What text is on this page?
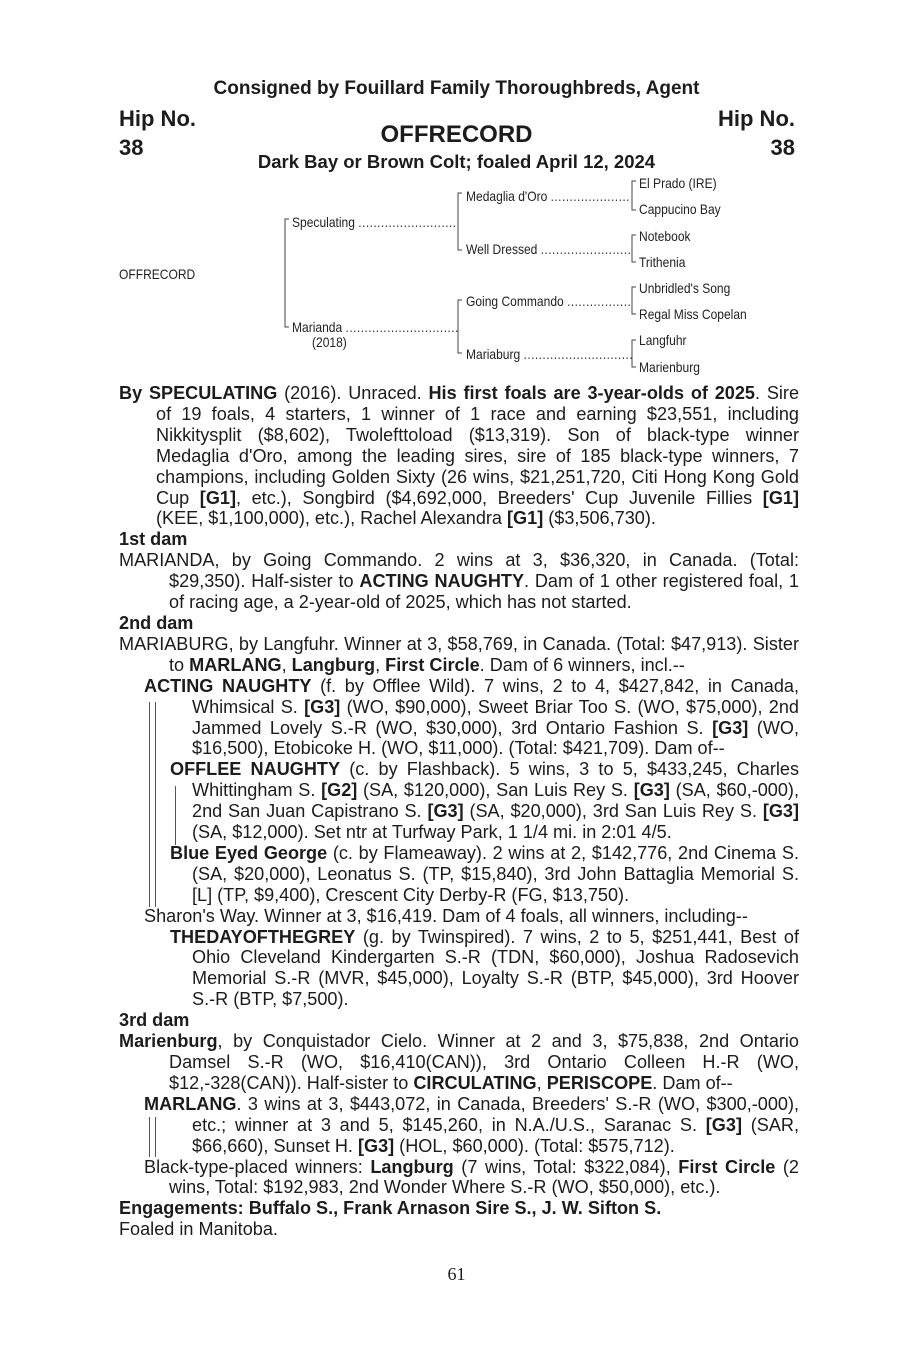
Consigned by Fouillard Family Thoroughbreds, Agent
Hip No.
38
Hip No.
38
OFFRECORD
Dark Bay or Brown Colt; foaled April 12, 2024
OFFRECORD
Speculating ..........................
Marianda ..............................
(2018)
Medaglia d'Oro .....................
Well Dressed ........................
Going Commando .................
Mariaburg .............................
El Prado (IRE)
Cappucino Bay
Notebook
Trithenia
Unbridled's Song
Regal Miss Copelan
Langfuhr
Marienburg

By SPECULATING (2016). Unraced. His first foals are 3-year-olds of 2025. Sire of 19 foals, 4 starters, 1 winner of 1 race and earning $23,551, including Nikkitysplit ($8,602), Twolefttoload ($13,319). Son of black-type winner Medaglia d'Oro, among the leading sires, sire of 185 black-type winners, 7 champions, including Golden Sixty (26 wins, $21,251,720, Citi Hong Kong Gold Cup [G1], etc.), Songbird ($4,692,000, Breeders' Cup Juvenile Fillies [G1] (KEE, $1,100,000), etc.), Rachel Alexandra [G1] ($3,506,730).

1st dam

MARIANDA, by Going Commando. 2 wins at 3, $36,320, in Canada. (Total: $29,350). Half-sister to ACTING NAUGHTY. Dam of 1 other registered foal, 1 of racing age, a 2-year-old of 2025, which has not started.

2nd dam

MARIABURG, by Langfuhr. Winner at 3, $58,769, in Canada. (Total: $47,913). Sister to MARLANG, Langburg, First Circle. Dam of 6 winners, incl.--

ACTING NAUGHTY (f. by Offlee Wild). 7 wins, 2 to 4, $427,842, in Canada, Whimsical S. [G3] (WO, $90,000), Sweet Briar Too S. (WO, $75,000), 2nd Jammed Lovely S.-R (WO, $30,000), 3rd Ontario Fashion S. [G3] (WO, $16,500), Etobicoke H. (WO, $11,000). (Total: $421,709). Dam of--

OFFLEE NAUGHTY (c. by Flashback). 5 wins, 3 to 5, $433,245, Charles Whittingham S. [G2] (SA, $120,000), San Luis Rey S. [G3] (SA, $60,-000), 2nd San Juan Capistrano S. [G3] (SA, $20,000), 3rd San Luis Rey S. [G3] (SA, $12,000). Set ntr at Turfway Park, 1 1/4 mi. in 2:01 4/5.

Blue Eyed George (c. by Flameaway). 2 wins at 2, $142,776, 2nd Cinema S. (SA, $20,000), Leonatus S. (TP, $15,840), 3rd John Battaglia Memorial S. [L] (TP, $9,400), Crescent City Derby-R (FG, $13,750).

Sharon's Way. Winner at 3, $16,419. Dam of 4 foals, all winners, including--

THEDAYOFTHEGREY (g. by Twinspired). 7 wins, 2 to 5, $251,441, Best of Ohio Cleveland Kindergarten S.-R (TDN, $60,000), Joshua Radosevich Memorial S.-R (MVR, $45,000), Loyalty S.-R (BTP, $45,000), 3rd Hoover S.-R (BTP, $7,500).

3rd dam

Marienburg, by Conquistador Cielo. Winner at 2 and 3, $75,838, 2nd Ontario Damsel S.-R (WO, $16,410(CAN)), 3rd Ontario Colleen H.-R (WO, $12,-328(CAN)). Half-sister to CIRCULATING, PERISCOPE. Dam of--

MARLANG. 3 wins at 3, $443,072, in Canada, Breeders' S.-R (WO, $300,-000), etc.; winner at 3 and 5, $145,260, in N.A./U.S., Saranac S. [G3] (SAR, $66,660), Sunset H. [G3] (HOL, $60,000). (Total: $575,712).

Black-type-placed winners: Langburg (7 wins, Total: $322,084), First Circle (2 wins, Total: $192,983, 2nd Wonder Where S.-R (WO, $50,000), etc.).

Engagements: Buffalo S., Frank Arnason Sire S., J. W. Sifton S.

Foaled in Manitoba.

61
